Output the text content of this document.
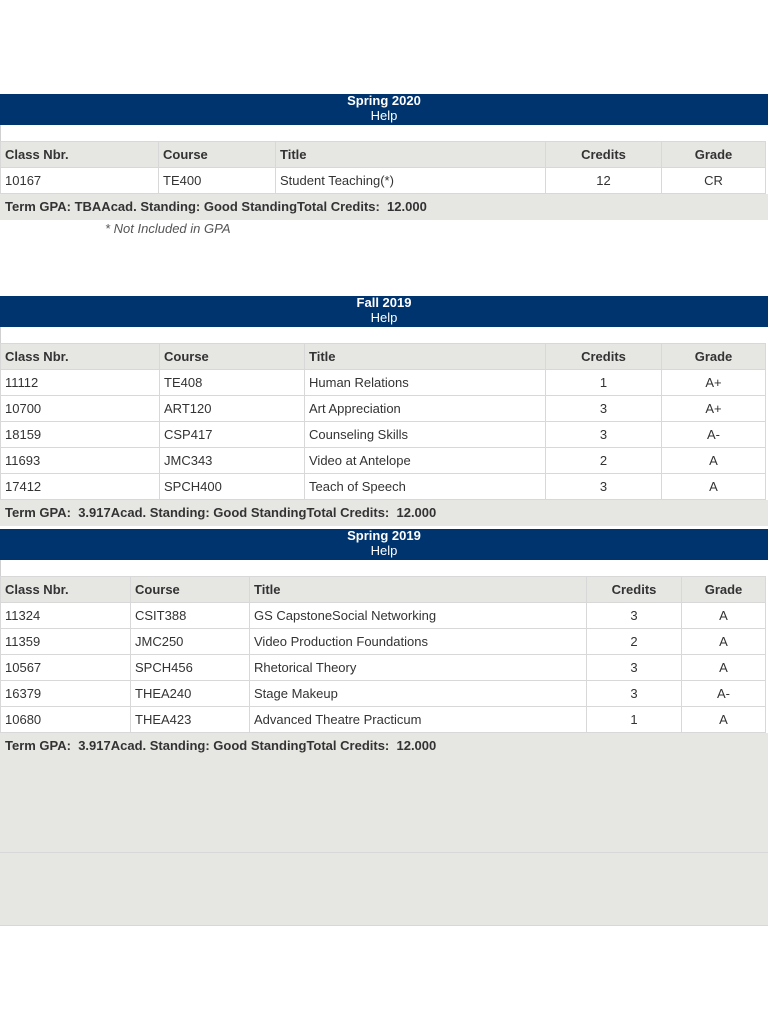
Spring 2020
Help
Class Nbr.	Course	Title	Credits	Grade
10167	TE400	Student Teaching(*)	12	CR
Term GPA: TBAAcad. Standing: Good StandingTotal Credits:  12.000
* Not Included in GPA
Fall 2019
Help
Class Nbr.	Course	Title	Credits	Grade
11112	TE408	Human Relations	1	A+
10700	ART120	Art Appreciation	3	A+
18159	CSP417	Counseling Skills	3	A-
11693	JMC343	Video at Antelope	2	A
17412	SPCH400	Teach of Speech	3	A
Term GPA:  3.917Acad. Standing: Good StandingTotal Credits:  12.000
Spring 2019
Help
Class Nbr.	Course	Title	Credits	Grade
11324	CSIT388	GS CapstoneSocial Networking	3	A
11359	JMC250	Video Production Foundations	2	A
10567	SPCH456	Rhetorical Theory	3	A
16379	THEA240	Stage Makeup	3	A-
10680	THEA423	Advanced Theatre Practicum	1	A
Term GPA:  3.917Acad. Standing: Good StandingTotal Credits:  12.000
